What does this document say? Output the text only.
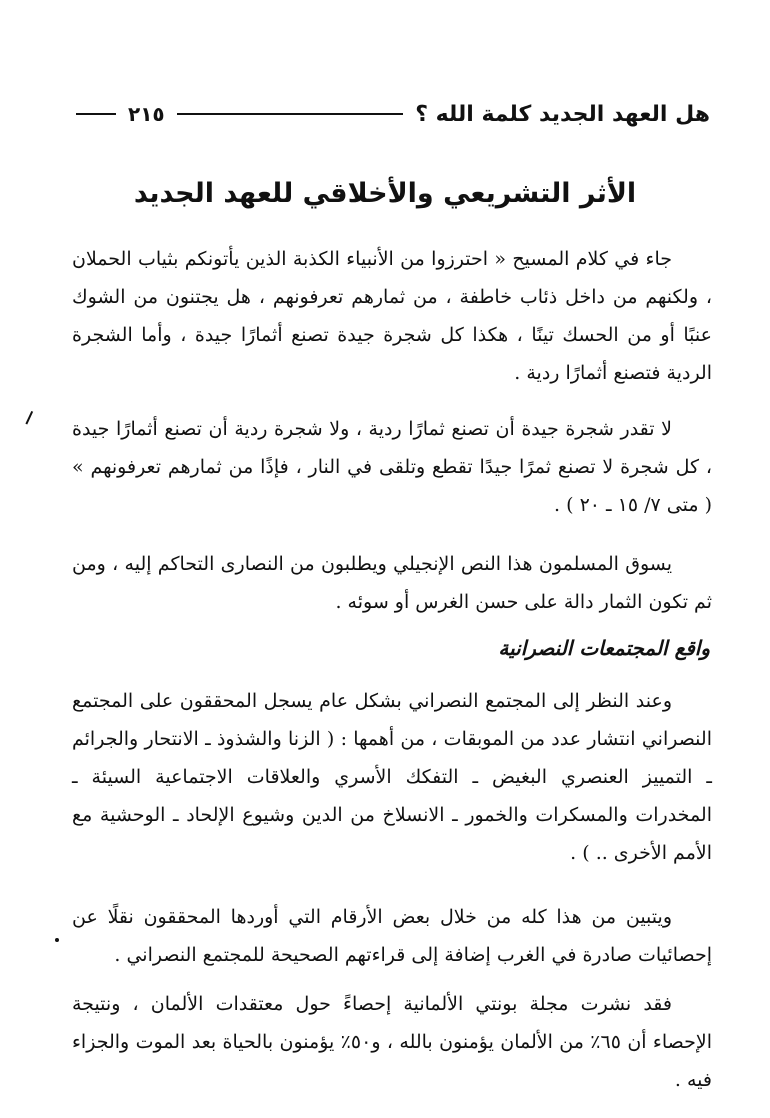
هل العهد الجديد كلمة الله ؟
٢١٥
الأثر التشريعي والأخلاقي للعهد الجديد
جاء في كلام المسيح « احترزوا من الأنبياء الكذبة الذين يأتونكم بثياب الحملان ، ولكنهم من داخل ذئاب خاطفة ، من ثمارهم تعرفونهم ، هل يجتنون من الشوك عنبًا أو من الحسك تينًا ، هكذا كل شجرة جيدة تصنع أثمارًا جيدة ، وأما الشجرة الردية فتصنع أثمارًا ردية .
لا تقدر شجرة جيدة أن تصنع ثمارًا ردية ، ولا شجرة ردية أن تصنع أثمارًا جيدة ، كل شجرة لا تصنع ثمرًا جيدًا تقطع وتلقى في النار ، فإذًا من ثمارهم تعرفونهم » ( متى ٧/ ١٥ ـ ٢٠ ) .
يسوق المسلمون هذا النص الإنجيلي ويطلبون من النصارى التحاكم إليه ، ومن ثم تكون الثمار دالة على حسن الغرس أو سوئه .
واقع المجتمعات النصرانية
وعند النظر إلى المجتمع النصراني بشكل عام يسجل المحققون على المجتمع النصراني انتشار عدد من الموبقات ، من أهمها : ( الزنا والشذوذ ـ الانتحار والجرائم ـ التمييز العنصري البغيض ـ التفكك الأسري والعلاقات الاجتماعية السيئة ـ المخدرات والمسكرات والخمور ـ الانسلاخ من الدين وشيوع الإلحاد ـ الوحشية مع الأمم الأخرى .. ) .
ويتبين من هذا كله من خلال بعض الأرقام التي أوردها المحققون نقلًا عن إحصائيات صادرة في الغرب إضافة إلى قراءتهم الصحيحة للمجتمع النصراني .
فقد نشرت مجلة بونتي الألمانية إحصاءً حول معتقدات الألمان ، ونتيجة الإحصاء أن ٦٥٪ من الألمان يؤمنون بالله ، و٥٠٪ يؤمنون بالحياة بعد الموت والجزاء فيه .
